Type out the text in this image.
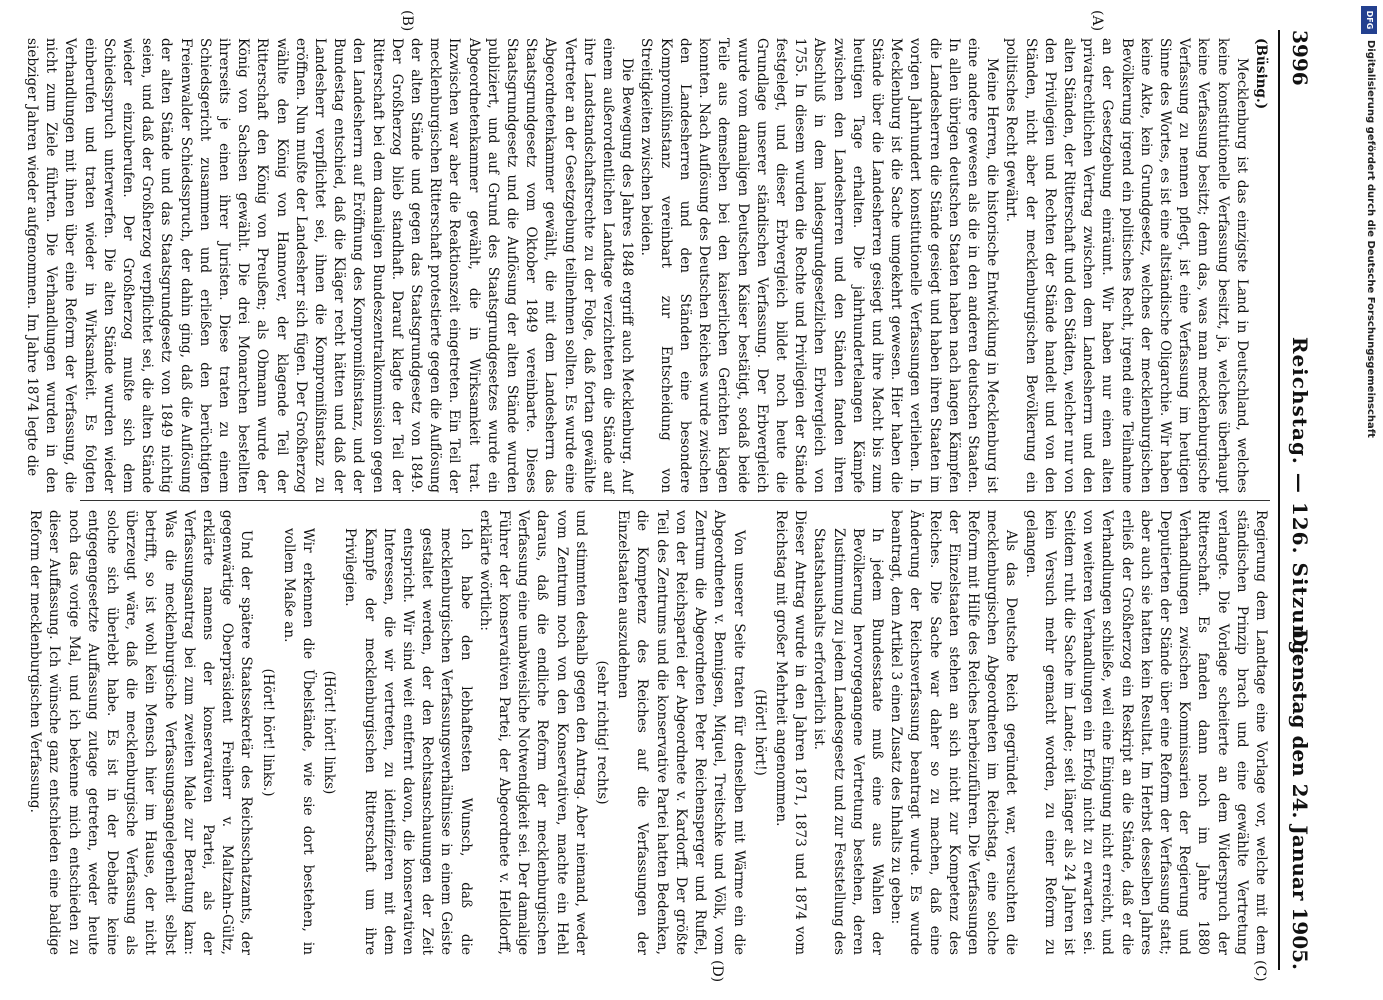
3996
Reichstag. — 126. Sitzung.
Dienstag den 24. Januar 1905.
(A)
(B)
(C)
(D)

(Büsing.)

Mecklenburg ist das einzigste Land in Deutschland, welches keine konstitutionelle Verfassung besitzt, ja, welches überhaupt keine Verfassung besitzt; denn das, was man mecklenburgische Verfassung zu nennen pflegt, ist eine Verfassung im heutigen Sinne des Wortes, es ist eine altständische Oligarchie. Wir haben keine Akte, kein Grundgesetz, welches der mecklenburgischen Bevölkerung irgend ein politisches Recht, irgend eine Teilnahme an der Gesetzgebung einräumt. Wir haben nur einen alten privatrechtlichen Vertrag zwischen dem Landesherrn und den alten Ständen, der Ritterschaft und den Städten, welcher nur von den Privilegien und Rechten der Stände handelt und von den Ständen, nicht aber der mecklenburgischen Bevölkerung ein politisches Recht gewährt.

Meine Herren, die historische Entwicklung in Mecklenburg ist eine andere gewesen als die in den anderen deutschen Staaten. In allen übrigen deutschen Staaten haben nach langen Kämpfen die Landesherren die Stände gesiegt und haben ihren Staaten im vorigen Jahrhundert konstitutionelle Verfassungen verliehen. In Mecklenburg ist die Sache umgekehrt gewesen. Hier haben die Stände über die Landesherren gesiegt und ihre Macht bis zum heutigen Tage erhalten. Die jahrhundertelangen Kämpfe zwischen den Landesherren und den Ständen fanden ihren Abschluß in dem landesgrundgesetzlichen Erbvergleich von 1755. In diesem wurden die Rechte und Privilegien der Stände festgelegt, und dieser Erbvergleich bildet noch heute die Grundlage unserer ständischen Verfassung. Der Erbvergleich wurde vom damaligen Deutschen Kaiser bestätigt, sodaß beide Teile aus demselben bei den kaiserlichen Gerichten klagen konnten. Nach Auflösung des Deutschen Reiches wurde zwischen den Landesherren und den Ständen eine besondere Kompromißinstanz vereinbart zur Entscheidung von Streitigkeiten zwischen beiden.

Die Bewegung des Jahres 1848 ergriff auch Mecklenburg. Auf einem außerordentlichen Landtage verzichteten die Stände auf ihre Landstandschaftsrechte zu der Folge, daß fortan gewählte Vertreter an der Gesetzgebung teilnehmen sollten. Es wurde eine Abgeordnetenkammer gewählt, die mit dem Landesherrn das Staatsgrundgesetz vom Oktober 1849 vereinbarte. Dieses Staatsgrundgesetz und die Auflösung der alten Stände wurden publiziert, und auf Grund des Staatsgrundgesetzes wurde ein Abgeordnetenkammer gewählt, die in Wirksamkeit trat. Inzwischen war aber die Reaktionszeit eingetreten. Ein Teil der mecklenburgischen Ritterschaft protestierte gegen die Auflösung der alten Stände und gegen das Staatsgrundgesetz von 1849. Der Großherzog blieb standhaft. Darauf klagte der Teil der Ritterschaft bei dem damaligen Bundeszentralkommission gegen den Landesherrn auf Eröffnung des Kompromißinstanz, und der Bundestag entschied, daß die Kläger recht hätten und daß der Landesherr verpflichtet sei, ihnen die Kompromißinstanz zu eröffnen. Nun mußte der Landesherr sich fügen. Der Großherzog wählte den König von Hannover, der klagende Teil der Ritterschaft den König von Preußen; als Obmann wurde der König von Sachsen gewählt. Die drei Monarchen bestellten ihrerseits je einen ihrer Juristen. Diese traten zu einem Schiedsgericht zusammen und erließen den berüchtigten Freienwalder Schiedsspruch, der dahin ging, daß die Auflösung der alten Stände und das Staatsgrundgesetz von 1849 nichtig seien, und daß der Großherzog verpflichtet sei, die alten Stände wieder einzuberufen. Der Großherzog mußte sich dem Schiedsspruch unterwerfen. Die alten Stände wurden wieder einberufen und traten wieder in Wirksamkeit. Es folgten Verhandlungen mit ihnen über eine Reform der Verfassung, die nicht zum Ziele führten. Die Verhandlungen wurden in den siebziger Jahren wieder aufgenommen. Im Jahre 1874 legte die

Regierung dem Landtage eine Vorlage vor, welche mit dem ständischen Prinzip brach und eine gewählte Vertretung verlangte. Die Vorlage scheiterte an dem Widerspruch der Ritterschaft. Es fanden dann noch im Jahre 1880 Verhandlungen zwischen Kommissarien der Regierung und Deputierten der Stände über eine Reform der Verfassung statt; aber auch sie hatten kein Resultat. Im Herbst desselben Jahres erließ der Großherzog ein Reskript an die Stände, daß er die Verhandlungen schließe, weil eine Einigung nicht erreicht, und von weiteren Verhandlungen ein Erfolg nicht zu erwarten sei. Seitdem ruht die Sache im Lande; seit länger als 24 Jahren ist kein Versuch mehr gemacht worden, zu einer Reform zu gelangen.

Als das Deutsche Reich gegründet war, versuchten die mecklenburgischen Abgeordneten im Reichstag, eine solche Reform mit Hilfe des Reiches herbeizuführen. Die Verfassungen der Einzelstaaten stehen an sich nicht zur Kompetenz des Reiches. Die Sache war daher so zu machen, daß eine Änderung der Reichsverfassung beantragt wurde. Es wurde beantragt, dem Artikel 3 einen Zusatz des Inhalts zu geben:

In jedem Bundesstaate muß eine aus Wahlen der Bevölkerung hervorgegangene Vertretung bestehen, deren Zustimmung zu jedem Landesgesetz und zur Feststellung des Staatshaushalts erforderlich ist.

Dieser Antrag wurde in den Jahren 1871, 1873 und 1874 vom Reichstag mit großer Mehrheit angenommen.

(Hört! hört!)

Von unserer Seite traten für denselben mit Wärme ein die Abgeordneten v. Bennigsen, Miquel, Treitschke und Völk, vom Zentrum die Abgeordneten Peter Reichensperger und Ruffel, von der Reichspartei der Abgeordnete v. Kardorff. Der größte Teil des Zentrums und die konservative Partei hatten Bedenken, die Kompetenz des Reiches auf die Verfassungen der Einzelstaaten auszudehnen

(sehr richtig! rechts)

und stimmten deshalb gegen den Antrag. Aber niemand, weder vom Zentrum noch von den Konservativen, machte ein Hehl daraus, daß die endliche Reform der mecklenburgischen Verfassung eine unabweisliche Notwendigkeit sei. Der damalige Führer der konservativen Partei, der Abgeordnete v. Helldorff, erklärte wörtlich:

Ich habe den lebhaftesten Wunsch, daß die mecklenburgischen Verfassungsverhältnisse in einem Geiste gestaltet werden, der den Rechtsanschauungen der Zeit entspricht. Wir sind weit entfernt davon, die konservativen Interessen, die wir vertreten, zu identifizieren mit dem Kampfe der mecklenburgischen Ritterschaft um ihre Privilegien.

(Hört! hört! links)

Wir erkennen die Übelstände, wie sie dort bestehen, in vollem Maße an.

(Hört! hört! links.)

Und der spätere Staatssekretär des Reichsschatzamts, der gegenwärtige Oberpräsident Freiherr v. Maltzahn-Gültz, erklärte namens der konservativen Partei, als der Verfassungsantrag bei zum zweiten Male zur Beratung kam: Was die mecklenburgische Verfassungsangelegenheit selbst betrifft, so ist wohl kein Mensch hier im Hause, der nicht überzeugt wäre, daß die mecklenburgische Verfassung als solche sich überlebt habe. Es ist in der Debatte keine entgegengesetzte Auffassung zutage getreten, weder heute noch das vorige Mal, und ich bekenne mich entschieden zu dieser Auffassung. Ich wünsche ganz entschieden eine baldige Reform der mecklenburgischen Verfassung.

DFG
Digitalisierung gefördert durch die Deutsche Forschungsgemeinschaft
